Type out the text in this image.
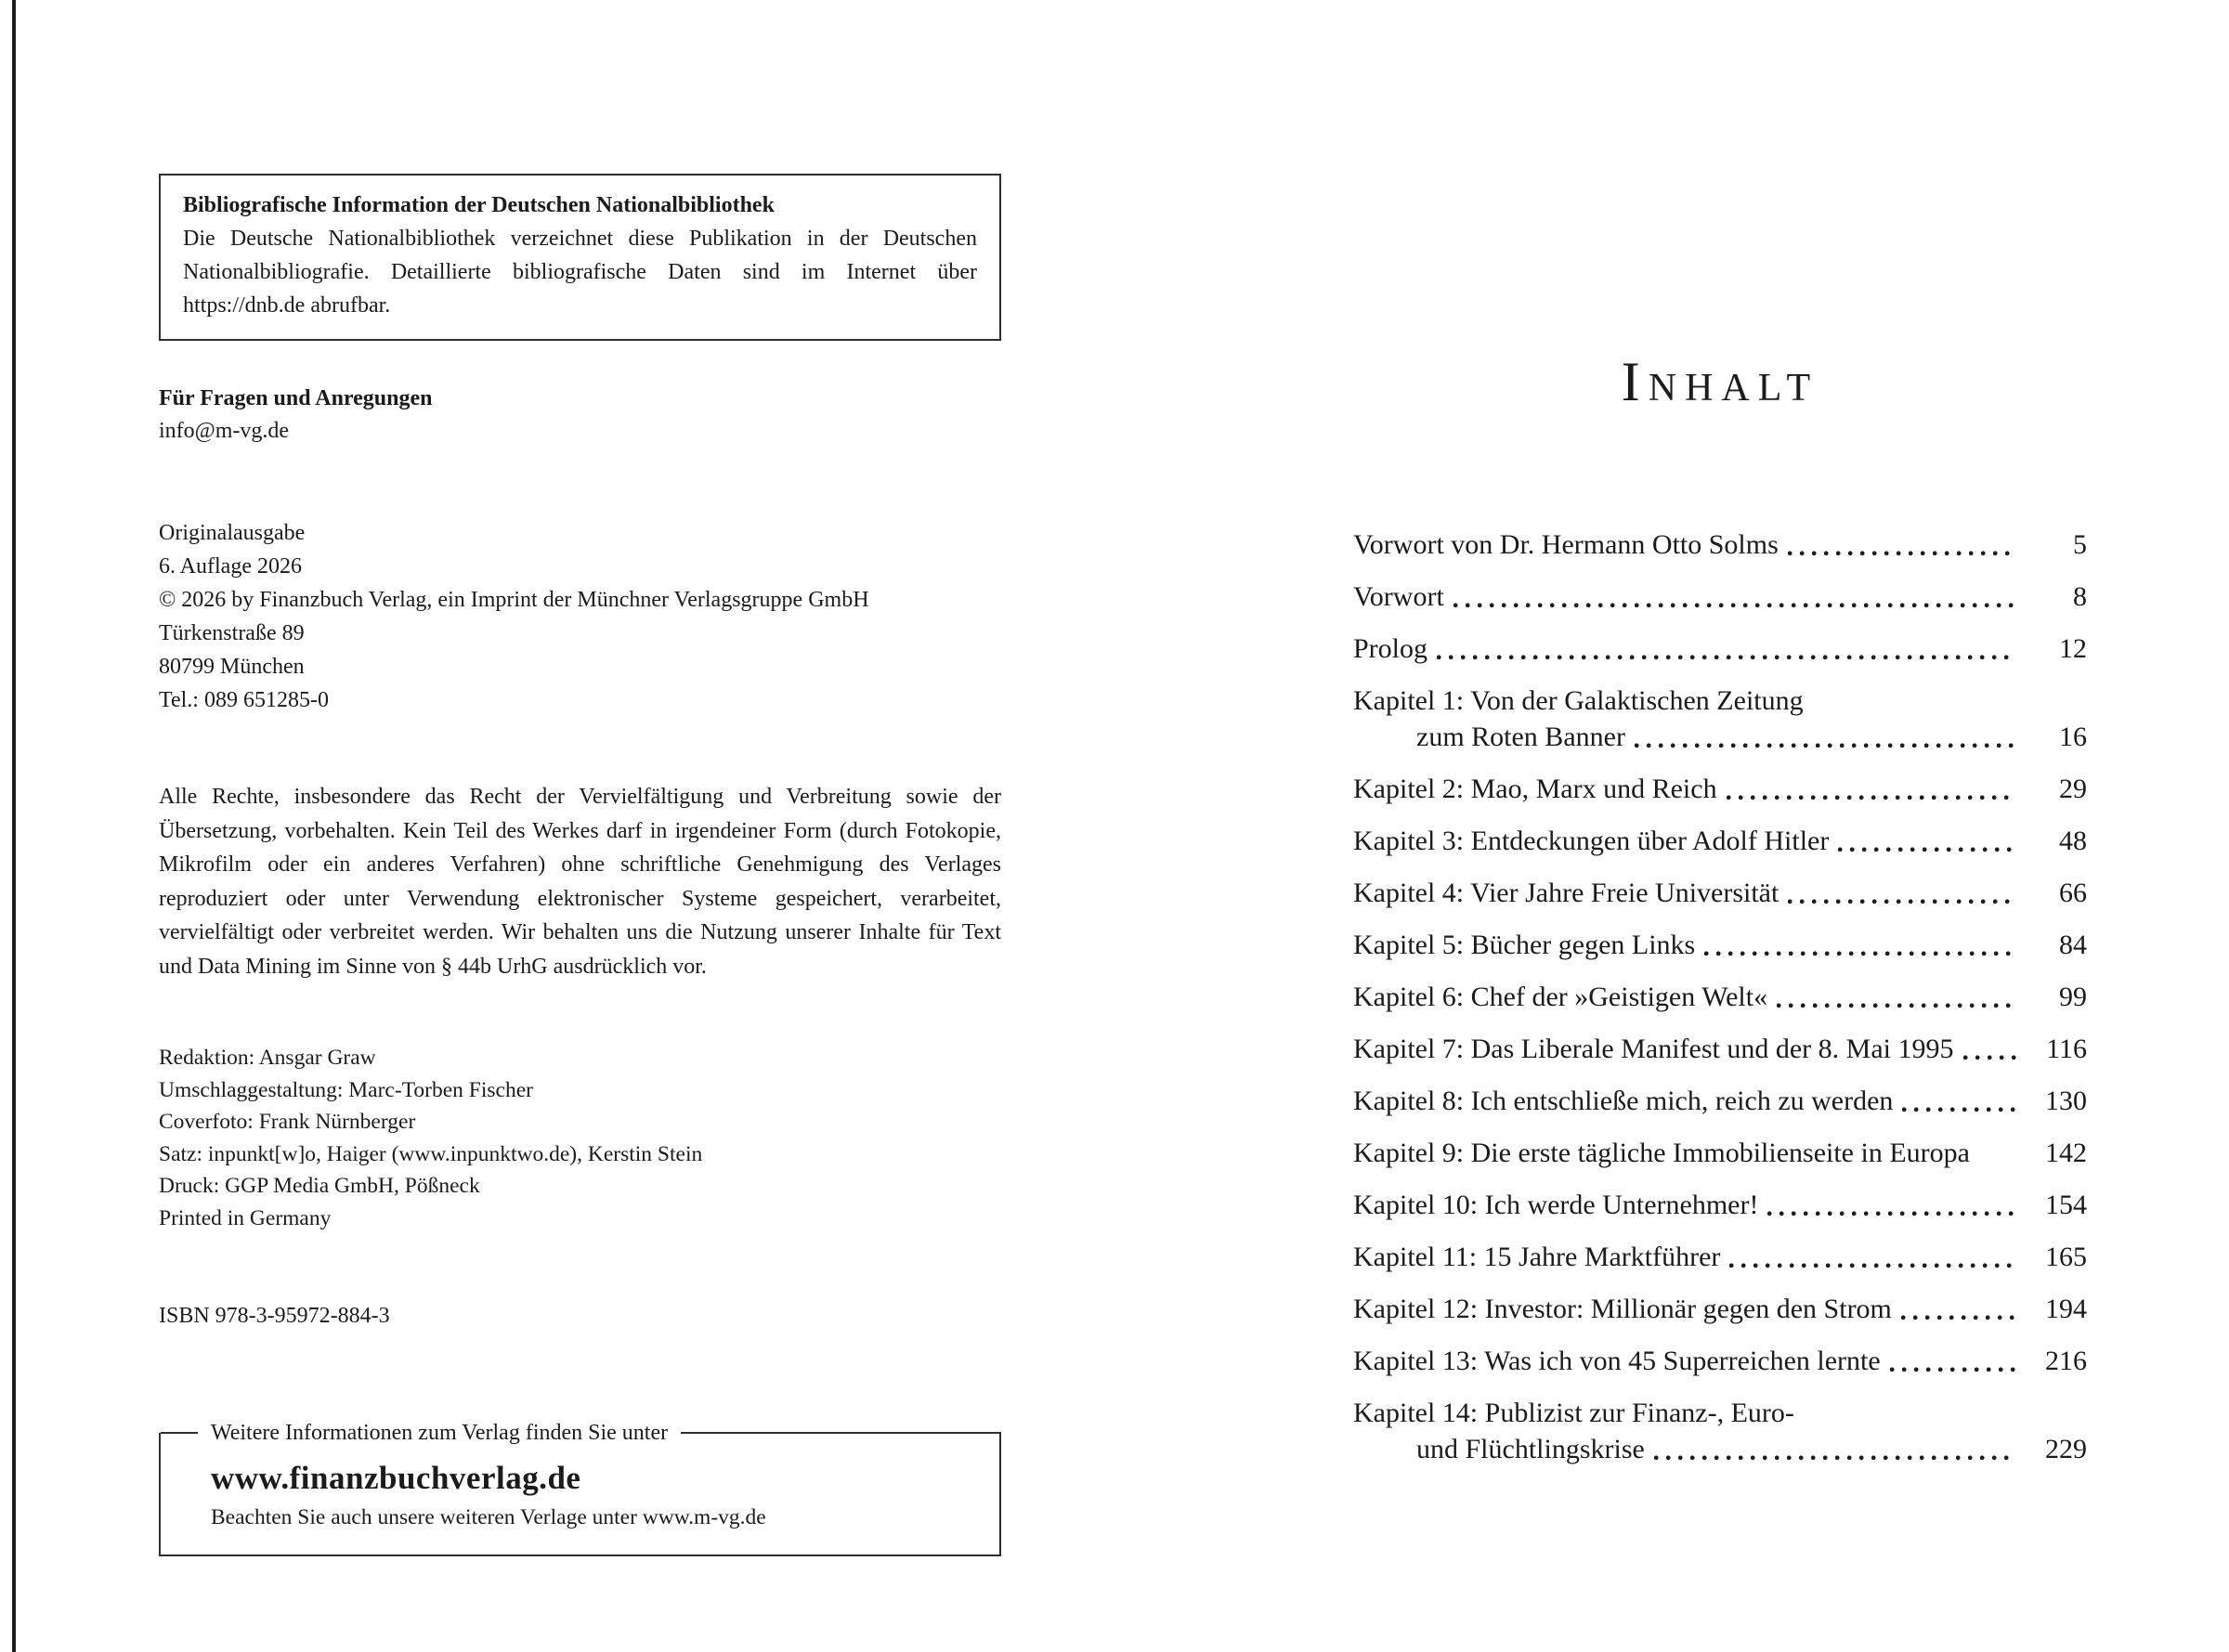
Bibliografische Information der Deutschen Nationalbibliothek
Die Deutsche Nationalbibliothek verzeichnet diese Publikation in der Deutschen Nationalbibliografie. Detaillierte bibliografische Daten sind im Internet über https://dnb.de abrufbar.
Für Fragen und Anregungen
info@m-vg.de
Originalausgabe
6. Auflage 2026
© 2026 by Finanzbuch Verlag, ein Imprint der Münchner Verlagsgruppe GmbH
Türkenstraße 89
80799 München
Tel.: 089 651285-0
Alle Rechte, insbesondere das Recht der Vervielfältigung und Verbreitung sowie der Übersetzung, vorbehalten. Kein Teil des Werkes darf in irgendeiner Form (durch Fotokopie, Mikrofilm oder ein anderes Verfahren) ohne schriftliche Genehmigung des Verlages reproduziert oder unter Verwendung elektronischer Systeme gespeichert, verarbeitet, vervielfältigt oder verbreitet werden. Wir behalten uns die Nutzung unserer Inhalte für Text und Data Mining im Sinne von § 44b UrhG ausdrücklich vor.
Redaktion: Ansgar Graw
Umschlaggestaltung: Marc-Torben Fischer
Coverfoto: Frank Nürnberger
Satz: inpunkt[w]o, Haiger (www.inpunktwo.de), Kerstin Stein
Druck: GGP Media GmbH, Pößneck
Printed in Germany
ISBN 978-3-95972-884-3
Weitere Informationen zum Verlag finden Sie unter
www.finanzbuchverlag.de
Beachten Sie auch unsere weiteren Verlage unter www.m-vg.de
Inhalt
Vorwort von Dr. Hermann Otto Solms	5
Vorwort	8
Prolog	12
Kapitel 1: Von der Galaktischen Zeitung
zum Roten Banner	16
Kapitel 2: Mao, Marx und Reich	29
Kapitel 3: Entdeckungen über Adolf Hitler	48
Kapitel 4: Vier Jahre Freie Universität	66
Kapitel 5: Bücher gegen Links	84
Kapitel 6: Chef der »Geistigen Welt«	99
Kapitel 7: Das Liberale Manifest und der 8. Mai 1995	116
Kapitel 8: Ich entschließe mich, reich zu werden	130
Kapitel 9: Die erste tägliche Immobilienseite in Europa	142
Kapitel 10: Ich werde Unternehmer!	154
Kapitel 11: 15 Jahre Marktführer	165
Kapitel 12: Investor: Millionär gegen den Strom	194
Kapitel 13: Was ich von 45 Superreichen lernte	216
Kapitel 14: Publizist zur Finanz-, Euro-
und Flüchtlingskrise	229
